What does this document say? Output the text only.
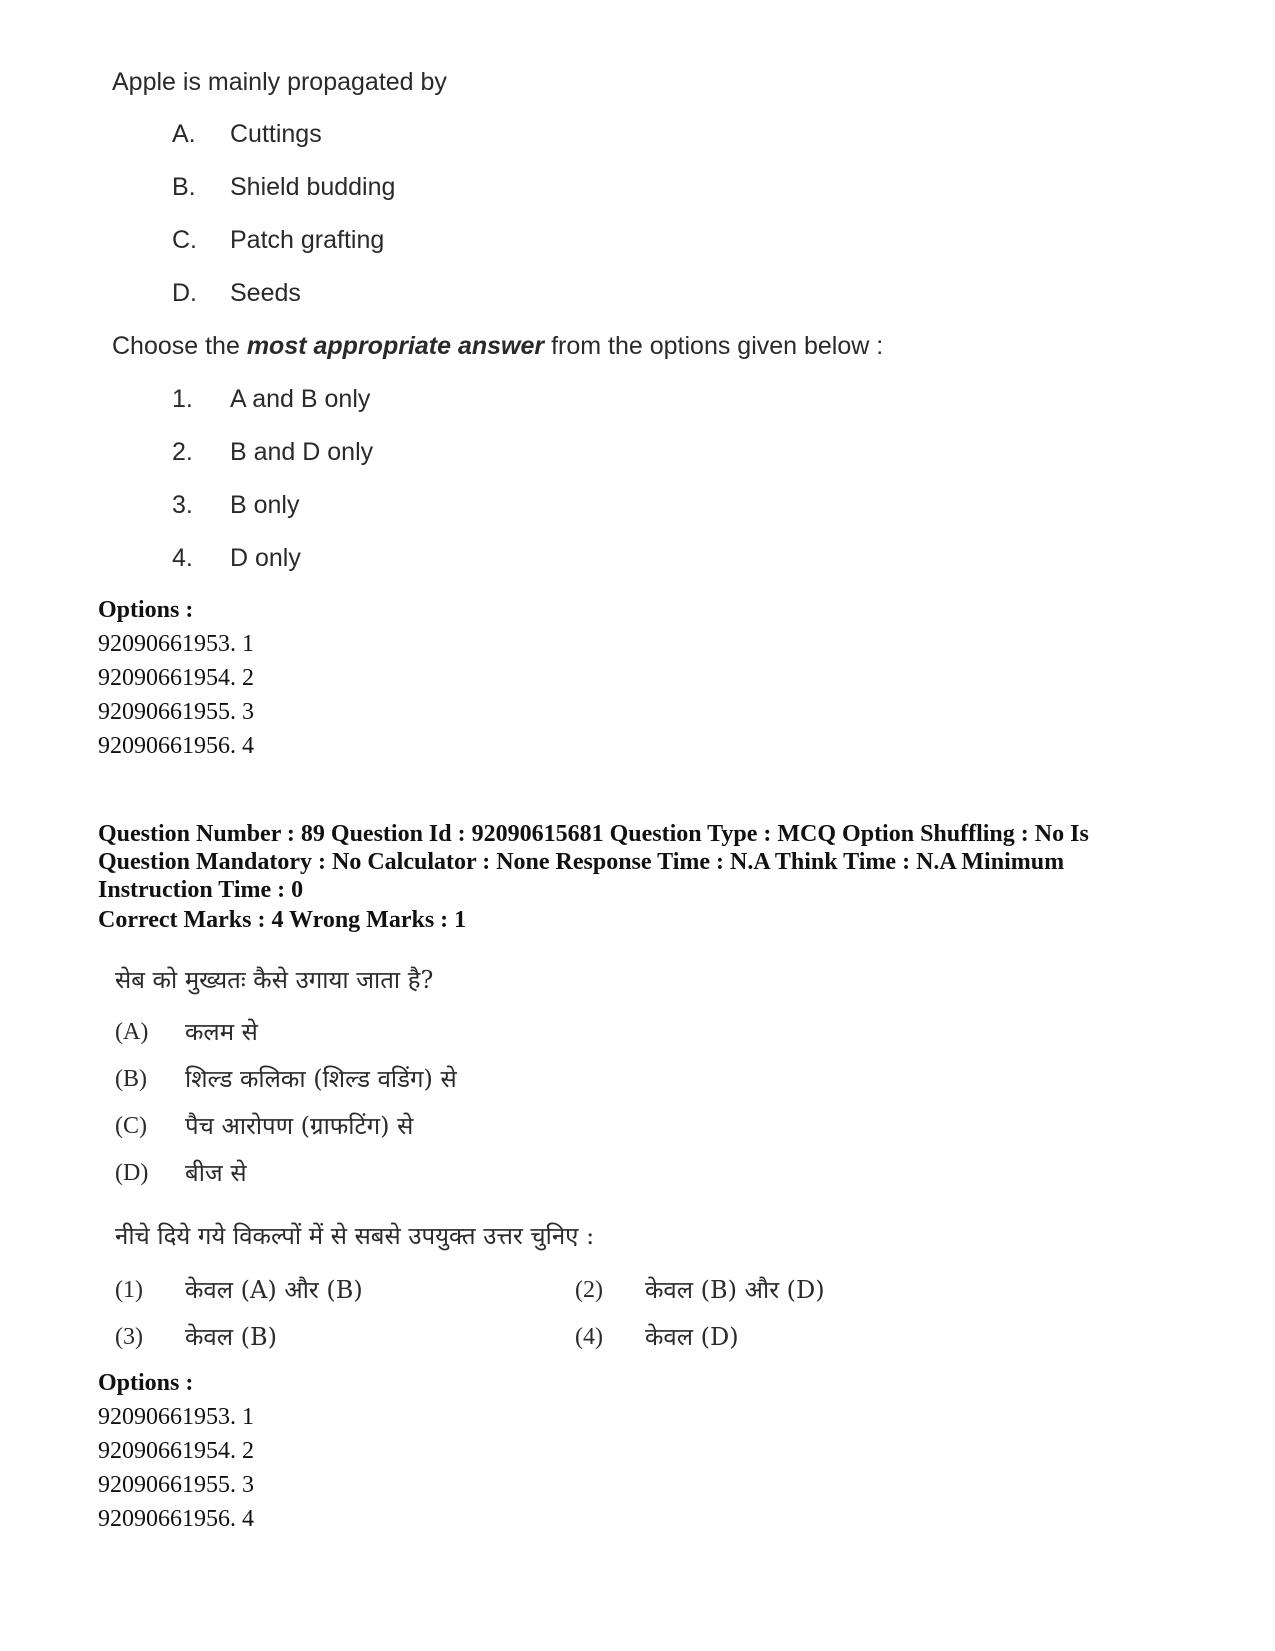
Apple is mainly propagated by
A.	Cuttings
B.	Shield budding
C.	Patch grafting
D.	Seeds
Choose the most appropriate answer from the options given below :
1.	A and B only
2.	B and D only
3.	B only
4.	D only
Options :
92090661953. 1
92090661954. 2
92090661955. 3
92090661956. 4
Question Number : 89 Question Id : 92090615681 Question Type : MCQ Option Shuffling : No Is
Question Mandatory : No Calculator : None Response Time : N.A Think Time : N.A Minimum
Instruction Time : 0
Correct Marks : 4 Wrong Marks : 1
सेब को मुख्यतः कैसे उगाया जाता है?
(A)	कलम से
(B)	शिल्ड कलिका (शिल्ड वडिंग) से
(C)	पैच आरोपण (ग्राफटिंग) से
(D)	बीज से
नीचे दिये गये विकल्पों में से सबसे उपयुक्त उत्तर चुनिए :
(1)	केवल (A) और (B)	(2)	केवल (B) और (D)
(3)	केवल (B)	(4)	केवल (D)
Options :
92090661953. 1
92090661954. 2
92090661955. 3
92090661956. 4
